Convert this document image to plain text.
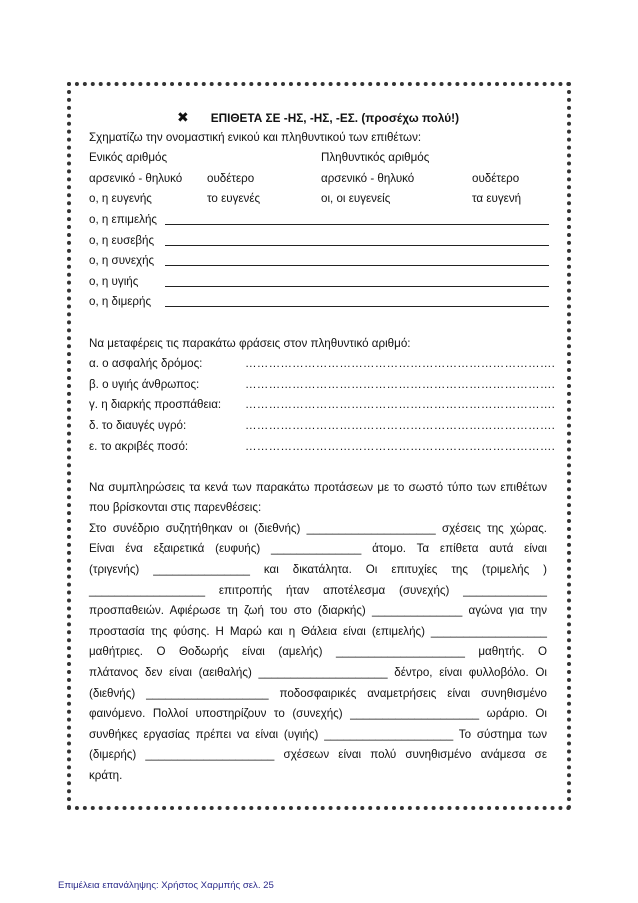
✖ ΕΠΙΘΕΤΑ ΣΕ -ΗΣ, -ΗΣ, -ΕΣ. (προσέχω πολύ!)
Σχηματίζω την ονομαστική ενικού και πληθυντικού των επιθέτων:
Ενικός αριθμός	Πληθυντικός αριθμός
αρσενικό - θηλυκό ουδέτερο	αρσενικό - θηλυκό	ουδέτερο
ο, η ευγενής	το ευγενές	οι, οι ευγενείς	τα ευγενή
ο, η επιμελής
ο, η ευσεβής
ο, η συνεχής
ο, η υγιής
ο, η διμερής
Να μεταφέρεις τις παρακάτω φράσεις στον πληθυντικό αριθμό:
α. ο ασφαλής δρόμος:	…………………………………………………………………….
β. ο υγιής άνθρωπος:	…………………………………………………………………….
γ. η διαρκής προσπάθεια: …………………………………………………………………….
δ. το διαυγές υγρό:	…………………………………………………………………….
ε. το ακριβές ποσό:	…………………………………………………………………….
Να συμπληρώσεις τα κενά των παρακάτω προτάσεων με το σωστό τύπο των επιθέτων
που βρίσκονται στις παρενθέσεις:
Στο συνέδριο συζητήθηκαν οι (διεθνής) ____________________ σχέσεις της χώρας.
Είναι ένα εξαιρετικά (ευφυής) ______________ άτομο. Τα επίθετα αυτά είναι
(τριγενής) _______________ και δικατάλητα. Οι επιτυχίες της (τριμελής )
__________________ επιτροπής ήταν αποτέλεσμα (συνεχής) _____________
προσπαθειών. Αφιέρωσε τη ζωή του στο (διαρκής) ______________ αγώνα για την
προστασία της φύσης. Η Μαρώ και η Θάλεια είναι (επιμελής) __________________
μαθήτριες. Ο Θοδωρής είναι (αμελής) ____________________ μαθητής. Ο
πλάτανος δεν είναι (αειθαλής) ____________________ δέντρο, είναι φυλλοβόλο. Οι
(διεθνής) ___________________ ποδοσφαιρικές αναμετρήσεις είναι συνηθισμένο
φαινόμενο. Πολλοί υποστηρίζουν το (συνεχής) ____________________ ωράριο. Οι
συνθήκες εργασίας πρέπει να είναι (υγιής) ____________________ Το σύστημα των
(διμερής) ____________________ σχέσεων είναι πολύ συνηθισμένο ανάμεσα σε
κράτη.
Επιμέλεια επανάληψης: Χρήστος Χαρμπής σελ. 25
